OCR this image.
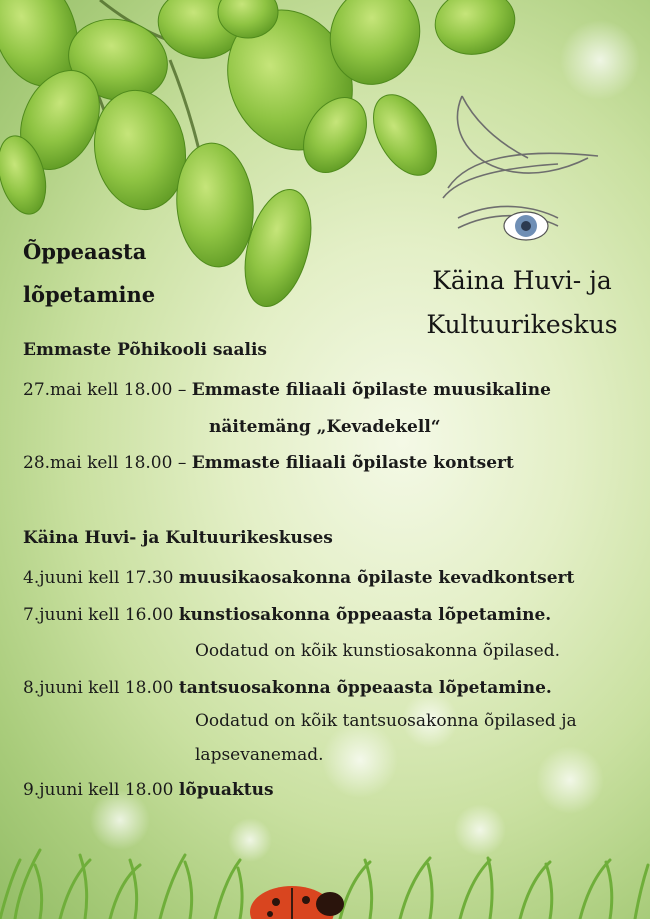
Õppeaasta
lõpetamine	Käina Huvi- ja
Kultuurikeskus
Emmaste Põhikooli saalis
27.mai kell 18.00 – Emmaste filiaali õpilaste muusikaline
näitemäng „Kevadekell“
28.mai kell 18.00 – Emmaste filiaali õpilaste kontsert
Käina Huvi- ja Kultuurikeskuses
4.juuni kell 17.30 muusikaosakonna õpilaste kevadkontsert
7.juuni kell 16.00 kunstiosakonna õppeaasta lõpetamine.
Oodatud on kõik kunstiosakonna õpilased.
8.juuni kell 18.00 tantsuosakonna õppeaasta lõpetamine.
Oodatud on kõik tantsuosakonna õpilased ja
lapsevanemad.
9.juuni kell 18.00 lõpuaktus
